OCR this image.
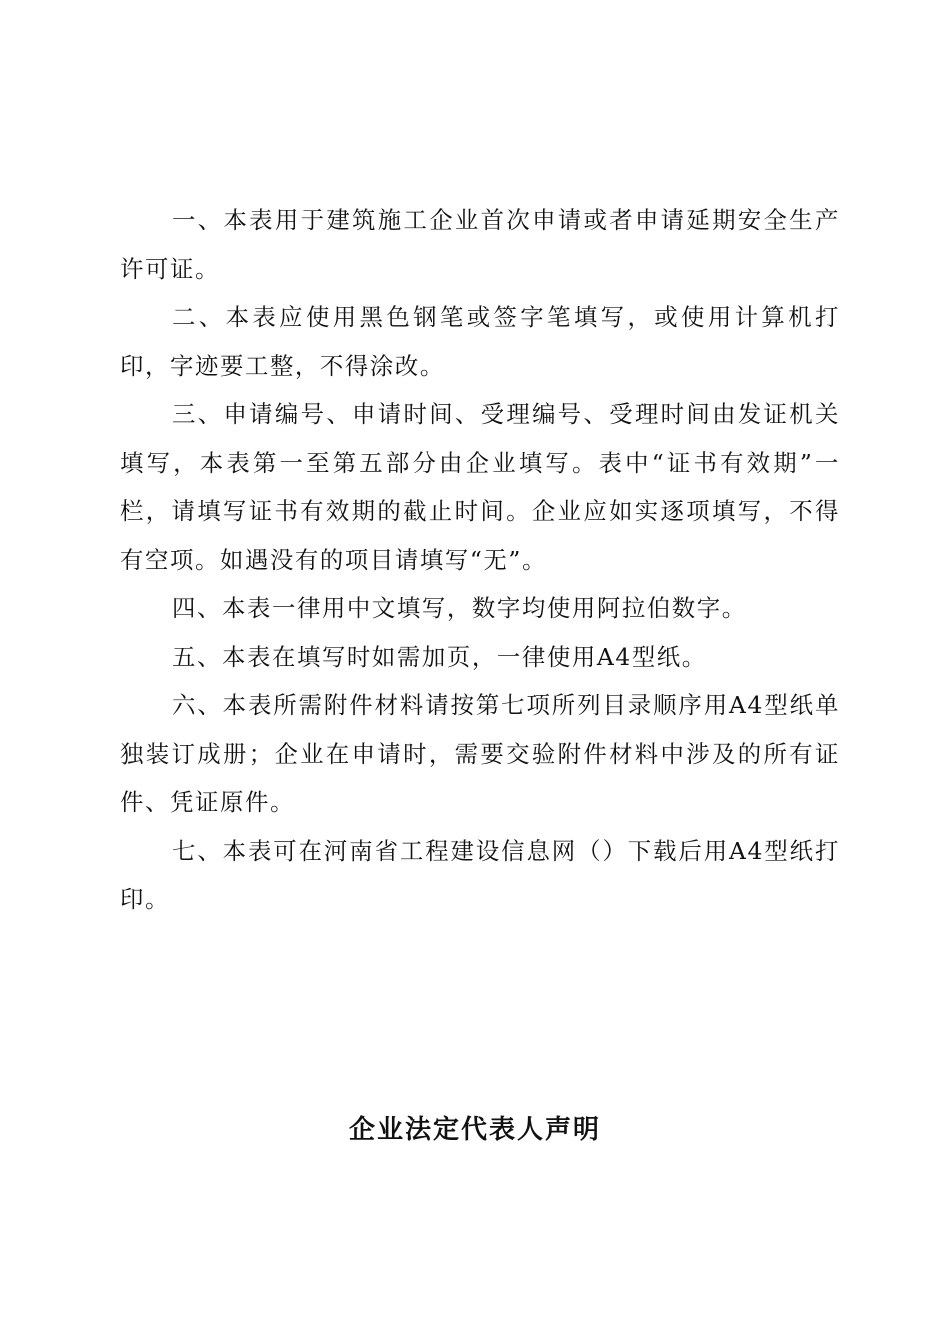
一、本表用于建筑施工企业首次申请或者申请延期安全生产许可证。

二、本表应使用黑色钢笔或签字笔填写，或使用计算机打印，字迹要工整，不得涂改。

三、申请编号、申请时间、受理编号、受理时间由发证机关填写，本表第一至第五部分由企业填写。表中“证书有效期”一栏，请填写证书有效期的截止时间。企业应如实逐项填写，不得有空项。如遇没有的项目请填写“无”。

四、本表一律用中文填写，数字均使用阿拉伯数字。

五、本表在填写时如需加页，一律使用A4型纸。

六、本表所需附件材料请按第七项所列目录顺序用A4型纸单独装订成册；企业在申请时，需要交验附件材料中涉及的所有证件、凭证原件。

七、本表可在河南省工程建设信息网（）下载后用A4型纸打印。

企业法定代表人声明
